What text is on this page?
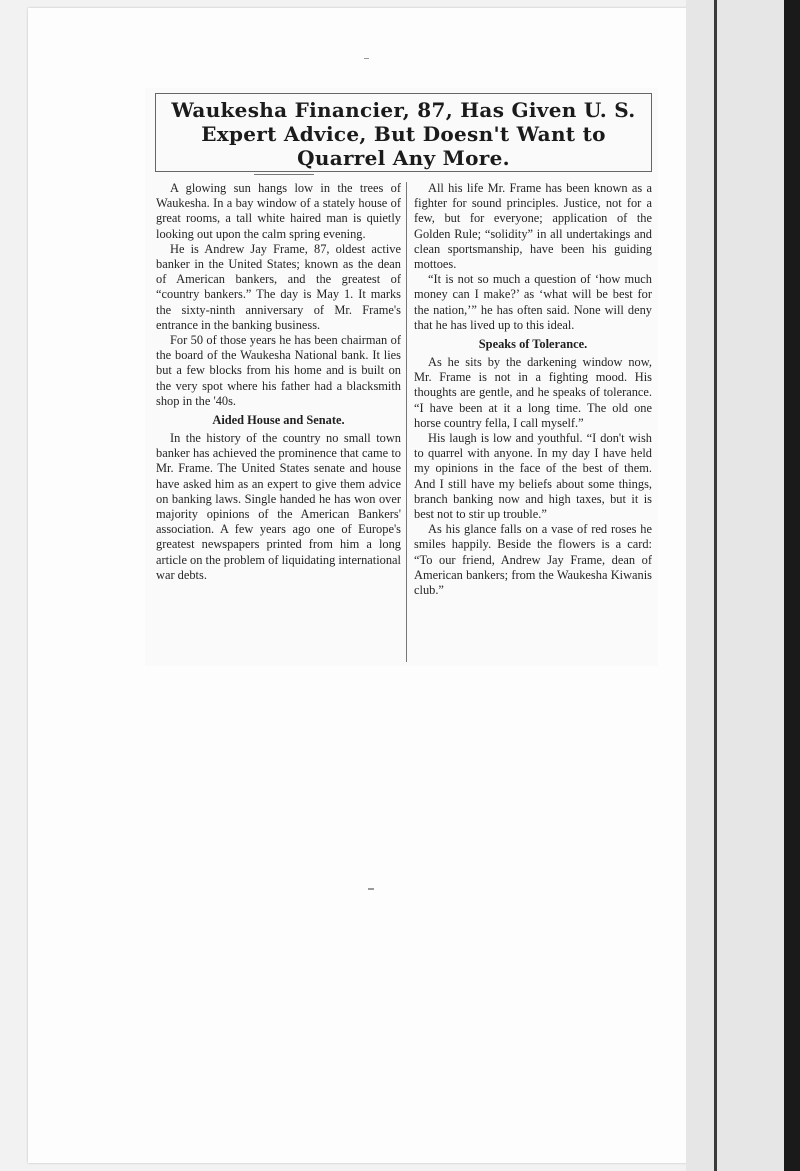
Waukesha Financier, 87, Has Given U. S. Expert Advice, But Doesn't Want to Quarrel Any More.

A glowing sun hangs low in the trees of Waukesha. In a bay window of a stately house of great rooms, a tall white haired man is quietly looking out upon the calm spring evening.

He is Andrew Jay Frame, 87, oldest active banker in the United States; known as the dean of American bankers, and the greatest of “country bankers.” The day is May 1. It marks the sixty-ninth anniversary of Mr. Frame's entrance in the banking business.

For 50 of those years he has been chairman of the board of the Waukesha National bank. It lies but a few blocks from his home and is built on the very spot where his father had a blacksmith shop in the '40s.

Aided House and Senate.

In the history of the country no small town banker has achieved the prominence that came to Mr. Frame. The United States senate and house have asked him as an expert to give them advice on banking laws. Single handed he has won over majority opinions of the American Bankers' association. A few years ago one of Europe's greatest newspapers printed from him a long article on the problem of liquidating international war debts.

All his life Mr. Frame has been known as a fighter for sound principles. Justice, not for a few, but for everyone; application of the Golden Rule; “solidity” in all undertakings and clean sportsmanship, have been his guiding mottoes.

“It is not so much a question of ‘how much money can I make?’ as ‘what will be best for the nation,’” he has often said. None will deny that he has lived up to this ideal.

Speaks of Tolerance.

As he sits by the darkening window now, Mr. Frame is not in a fighting mood. His thoughts are gentle, and he speaks of tolerance. “I have been at it a long time. The old one horse country fella, I call myself.”

His laugh is low and youthful. “I don't wish to quarrel with anyone. In my day I have held my opinions in the face of the best of them. And I still have my beliefs about some things, branch banking now and high taxes, but it is best not to stir up trouble.”

As his glance falls on a vase of red roses he smiles happily. Beside the flowers is a card: “To our friend, Andrew Jay Frame, dean of American bankers; from the Waukesha Kiwanis club.”
